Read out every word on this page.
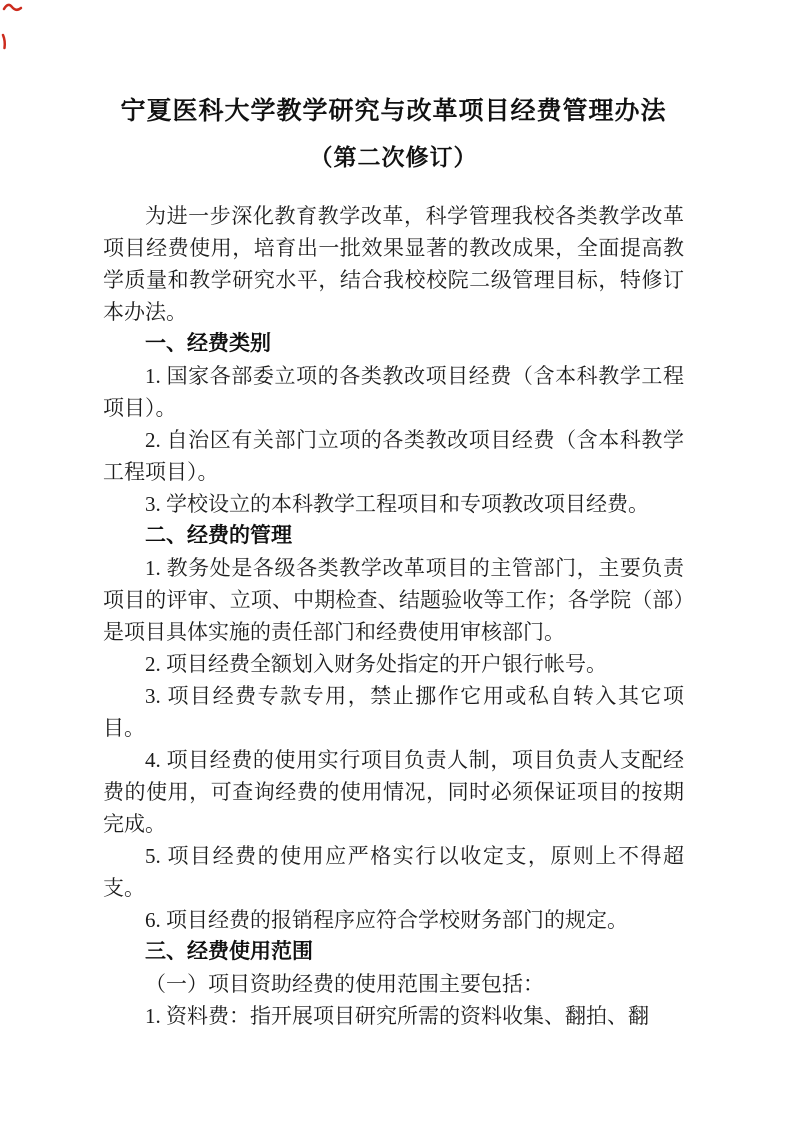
宁夏医科大学教学研究与改革项目经费管理办法
（第二次修订）

为进一步深化教育教学改革，科学管理我校各类教学改革项目经费使用，培育出一批效果显著的教改成果，全面提高教学质量和教学研究水平，结合我校校院二级管理目标，特修订本办法。

一、经费类别

1. 国家各部委立项的各类教改项目经费（含本科教学工程项目）。

2. 自治区有关部门立项的各类教改项目经费（含本科教学工程项目）。

3. 学校设立的本科教学工程项目和专项教改项目经费。

二、经费的管理

1. 教务处是各级各类教学改革项目的主管部门，主要负责项目的评审、立项、中期检查、结题验收等工作；各学院（部）是项目具体实施的责任部门和经费使用审核部门。

2. 项目经费全额划入财务处指定的开户银行帐号。

3. 项目经费专款专用，禁止挪作它用或私自转入其它项目。

4. 项目经费的使用实行项目负责人制，项目负责人支配经费的使用，可查询经费的使用情况，同时必须保证项目的按期完成。

5. 项目经费的使用应严格实行以收定支，原则上不得超支。

6. 项目经费的报销程序应符合学校财务部门的规定。

三、经费使用范围

（一）项目资助经费的使用范围主要包括：

1. 资料费：指开展项目研究所需的资料收集、翻拍、翻
